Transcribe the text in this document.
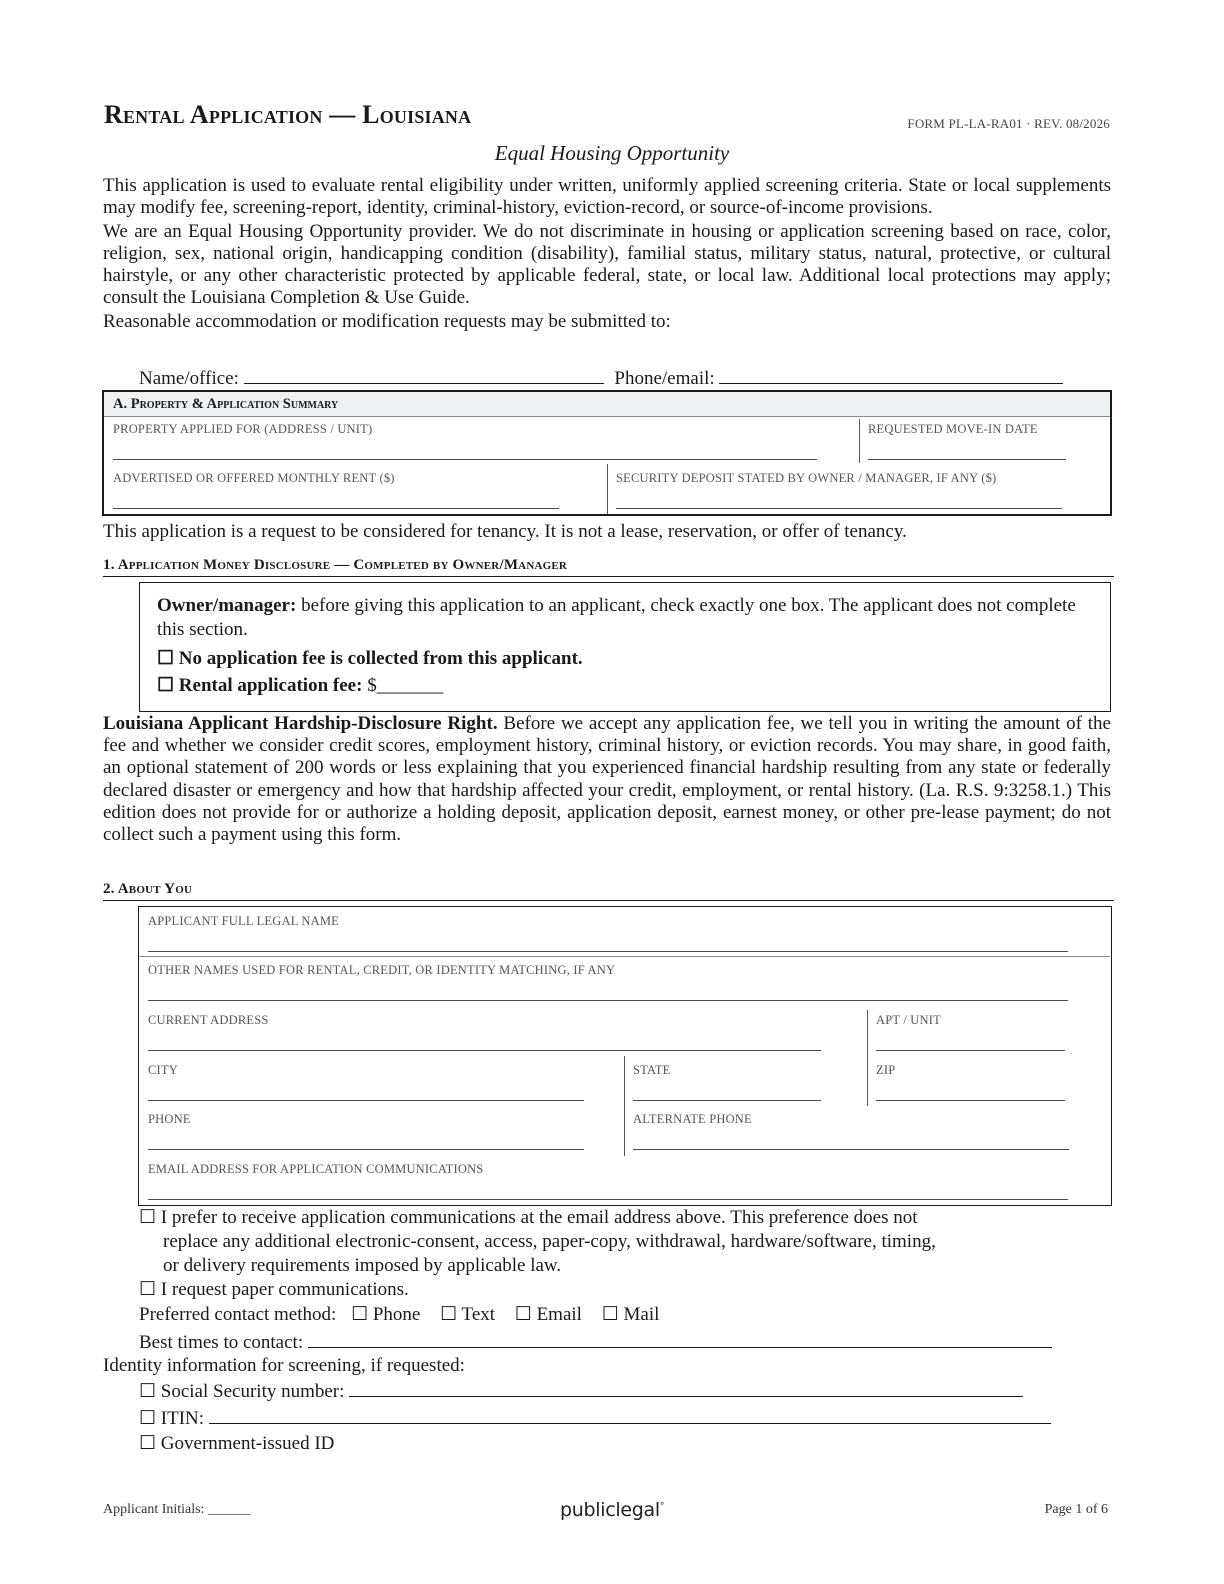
Rental Application — Louisiana	FORM PL-LA-RA01 · REV. 08/2026
Equal Housing Opportunity

This application is used to evaluate rental eligibility under written, uniformly applied screening criteria. State or local supplements may modify fee, screening-report, identity, criminal-history, eviction-record, or source-of-income provisions.

We are an Equal Housing Opportunity provider. We do not discriminate in housing or application screening based on race, color, religion, sex, national origin, handicapping condition (disability), familial status, military status, natural, protective, or cultural hairstyle, or any other characteristic protected by applicable federal, state, or local law. Additional local protections may apply; consult the Louisiana Completion & Use Guide.

Reasonable accommodation or modification requests may be submitted to:

Name/office:	Phone/email:
A. Property & Application Summary
PROPERTY APPLIED FOR (ADDRESS / UNIT)	REQUESTED MOVE-IN DATE
ADVERTISED OR OFFERED MONTHLY RENT ($)	SECURITY DEPOSIT STATED BY OWNER / MANAGER, IF ANY ($)
This application is a request to be considered for tenancy. It is not a lease, reservation, or offer of tenancy.
1. Application Money Disclosure — Completed by Owner/Manager
Owner/manager: before giving this application to an applicant, check exactly one box. The applicant does not complete this section.
☐ No application fee is collected from this applicant.
☐ Rental application fee: $_______
Louisiana Applicant Hardship-Disclosure Right. Before we accept any application fee, we tell you in writing the amount of the fee and whether we consider credit scores, employment history, criminal history, or eviction records. You may share, in good faith, an optional statement of 200 words or less explaining that you experienced financial hardship resulting from any state or federally declared disaster or emergency and how that hardship affected your credit, employment, or rental history. (La. R.S. 9:3258.1.) This edition does not provide for or authorize a holding deposit, application deposit, earnest money, or other pre-lease payment; do not collect such a payment using this form.
2. About You
APPLICANT FULL LEGAL NAME
OTHER NAMES USED FOR RENTAL, CREDIT, OR IDENTITY MATCHING, IF ANY
CURRENT ADDRESS	APT / UNIT
CITY	STATE	ZIP
PHONE	ALTERNATE PHONE
EMAIL ADDRESS FOR APPLICATION COMMUNICATIONS
☐ I prefer to receive application communications at the email address above. This preference does not
replace any additional electronic-consent, access, paper-copy, withdrawal, hardware/software, timing,
or delivery requirements imposed by applicable law.
☐ I request paper communications.
Preferred contact method: ☐ Phone ☐ Text ☐ Email ☐ Mail
Best times to contact:
Identity information for screening, if requested:
☐ Social Security number:
☐ ITIN:
☐ Government-issued ID
Applicant Initials: ______	publiclegal°	Page 1 of 6
